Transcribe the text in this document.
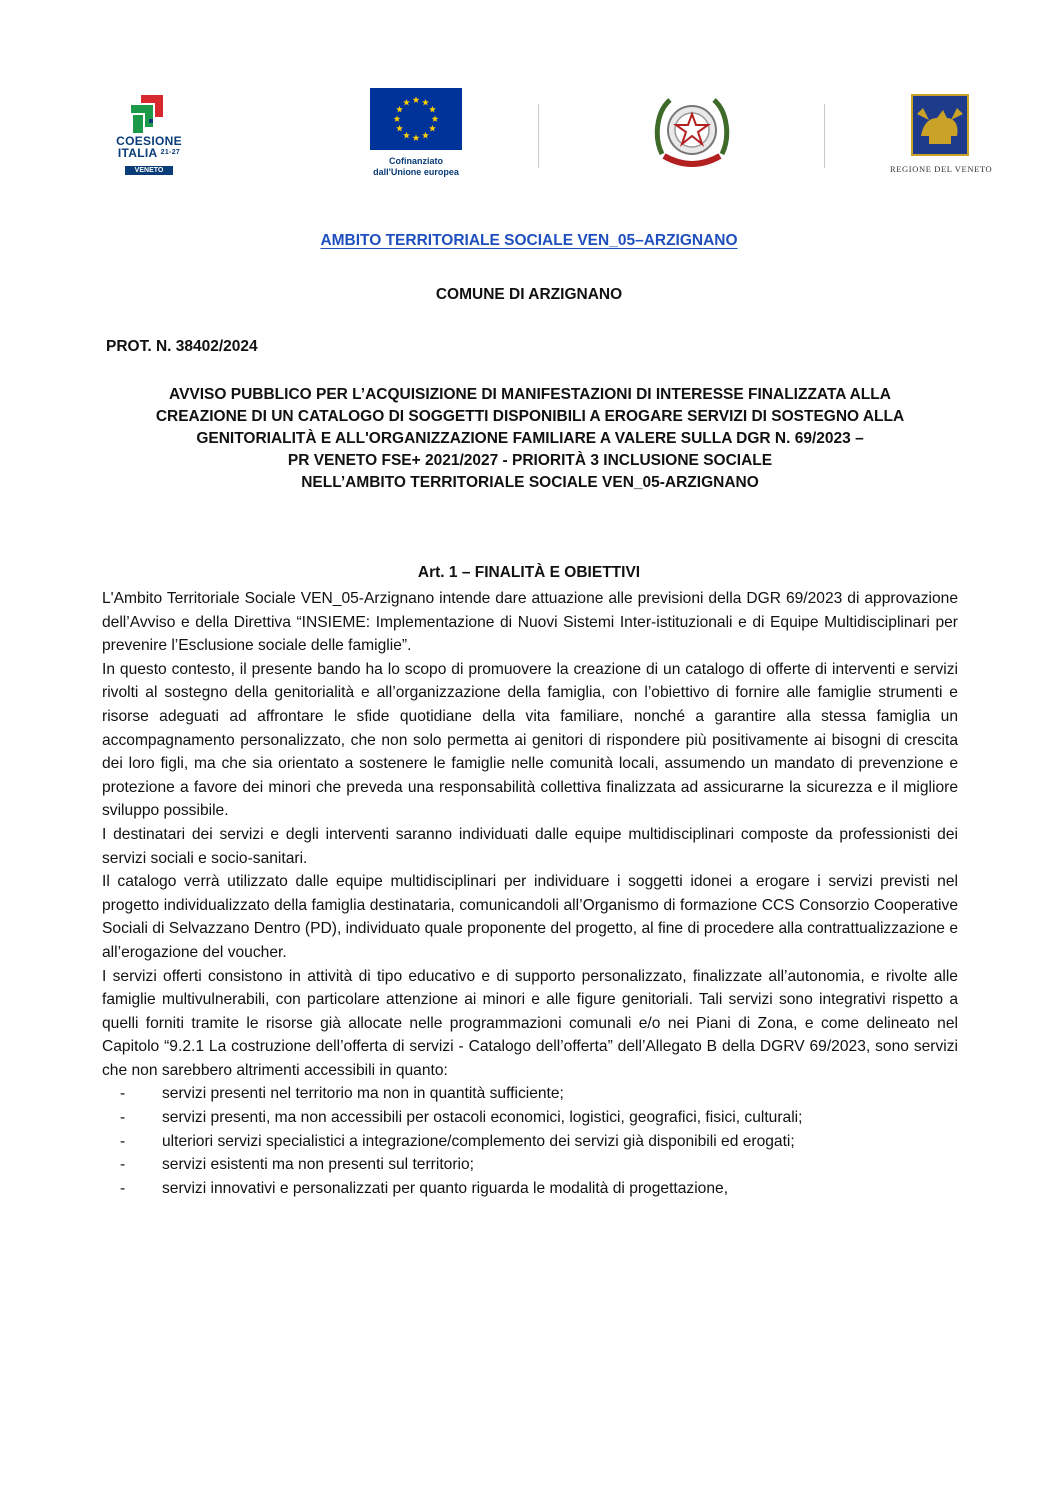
COESIONE
ITALIA $^{21-27}$
VENETO
Cofinanziato
dall'Unione europea	REGIONE DEL VENETO
AMBITO TERRITORIALE SOCIALE VEN_05–ARZIGNANO
COMUNE DI ARZIGNANO
PROT. N. 38402/2024
AVVISO PUBBLICO PER L’ACQUISIZIONE DI MANIFESTAZIONI DI INTERESSE FINALIZZATA ALLA
CREAZIONE DI UN CATALOGO DI SOGGETTI DISPONIBILI A EROGARE SERVIZI DI SOSTEGNO ALLA
GENITORIALITÀ E ALL'ORGANIZZAZIONE FAMILIARE A VALERE SULLA DGR N. 69/2023 –
PR VENETO FSE+ 2021/2027 - PRIORITÀ 3 INCLUSIONE SOCIALE
NELL’AMBITO TERRITORIALE SOCIALE VEN_05-ARZIGNANO
Art. 1 – FINALITÀ E OBIETTIVI

L'Ambito Territoriale Sociale VEN_05-Arzignano intende dare attuazione alle previsioni della DGR 69/2023 di approvazione dell’Avviso e della Direttiva “INSIEME: Implementazione di Nuovi Sistemi Inter-istituzionali e di Equipe Multidisciplinari per prevenire l’Esclusione sociale delle famiglie”.

In questo contesto, il presente bando ha lo scopo di promuovere la creazione di un catalogo di offerte di interventi e servizi rivolti al sostegno della genitorialità e all’organizzazione della famiglia, con l’obiettivo di fornire alle famiglie strumenti e risorse adeguati ad affrontare le sfide quotidiane della vita familiare, nonché a garantire alla stessa famiglia un accompagnamento personalizzato, che non solo permetta ai genitori di rispondere più positivamente ai bisogni di crescita dei loro figli, ma che sia orientato a sostenere le famiglie nelle comunità locali, assumendo un mandato di prevenzione e protezione a favore dei minori che preveda una responsabilità collettiva finalizzata ad assicurarne la sicurezza e il migliore sviluppo possibile.

I destinatari dei servizi e degli interventi saranno individuati dalle equipe multidisciplinari composte da professionisti dei servizi sociali e socio-sanitari.

Il catalogo verrà utilizzato dalle equipe multidisciplinari per individuare i soggetti idonei a erogare i servizi previsti nel progetto individualizzato della famiglia destinataria, comunicandoli all’Organismo di formazione CCS Consorzio Cooperative Sociali di Selvazzano Dentro (PD), individuato quale proponente del progetto, al fine di procedere alla contrattualizzazione e all’erogazione del voucher.

I servizi offerti consistono in attività di tipo educativo e di supporto personalizzato, finalizzate all’autonomia, e rivolte alle famiglie multivulnerabili, con particolare attenzione ai minori e alle figure genitoriali. Tali servizi sono integrativi rispetto a quelli forniti tramite le risorse già allocate nelle programmazioni comunali e/o nei Piani di Zona, e come delineato nel Capitolo “9.2.1 La costruzione dell’offerta di servizi - Catalogo dell’offerta” dell’Allegato B della DGRV 69/2023, sono servizi che non sarebbero altrimenti accessibili in quanto:

- servizi presenti nel territorio ma non in quantità sufficiente;
- servizi presenti, ma non accessibili per ostacoli economici, logistici, geografici, fisici, culturali;
- ulteriori servizi specialistici a integrazione/complemento dei servizi già disponibili ed erogati;
- servizi esistenti ma non presenti sul territorio;
- servizi innovativi e personalizzati per quanto riguarda le modalità di progettazione,
